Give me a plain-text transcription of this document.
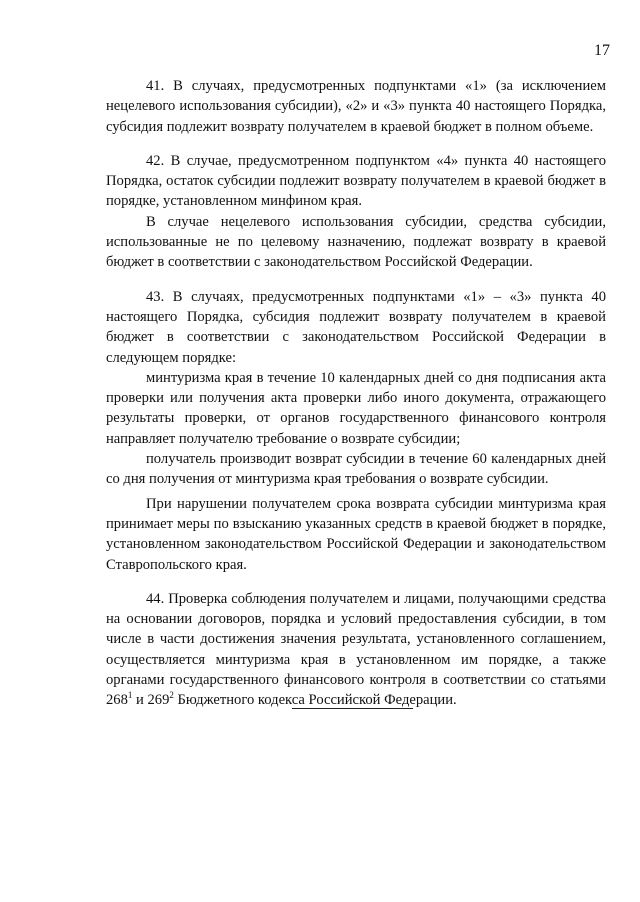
17

41. В случаях, предусмотренных подпунктами «1» (за исключением нецелевого использования субсидии), «2» и «3» пункта 40 настоящего Порядка, субсидия подлежит возврату получателем в краевой бюджет в полном объеме.

42. В случае, предусмотренном подпунктом «4» пункта 40 настоящего Порядка, остаток субсидии подлежит возврату получателем в краевой бюджет в порядке, установленном минфином края.

В случае нецелевого использования субсидии, средства субсидии, использованные не по целевому назначению, подлежат возврату в краевой бюджет в соответствии с законодательством Российской Федерации.

43. В случаях, предусмотренных подпунктами «1» – «3» пункта 40 настоящего Порядка, субсидия подлежит возврату получателем в краевой бюджет в соответствии с законодательством Российской Федерации в следующем порядке:

минтуризма края в течение 10 календарных дней со дня подписания акта проверки или получения акта проверки либо иного документа, отражающего результаты проверки, от органов государственного финансового контроля направляет получателю требование о возврате субсидии;

получатель производит возврат субсидии в течение 60 календарных дней со дня получения от минтуризма края требования о возврате субсидии.

При нарушении получателем срока возврата субсидии минтуризма края принимает меры по взысканию указанных средств в краевой бюджет в порядке, установленном законодательством Российской Федерации и законодательством Ставропольского края.

44. Проверка соблюдения получателем и лицами, получающими средства на основании договоров, порядка и условий предоставления субсидии, в том числе в части достижения значения результата, установленного соглашением, осуществляется минтуризма края в установленном им порядке, а также органами государственного финансового контроля в соответствии со статьями $268^1$ и $269^2$ Бюджетного кодекса Российской Федерации.
